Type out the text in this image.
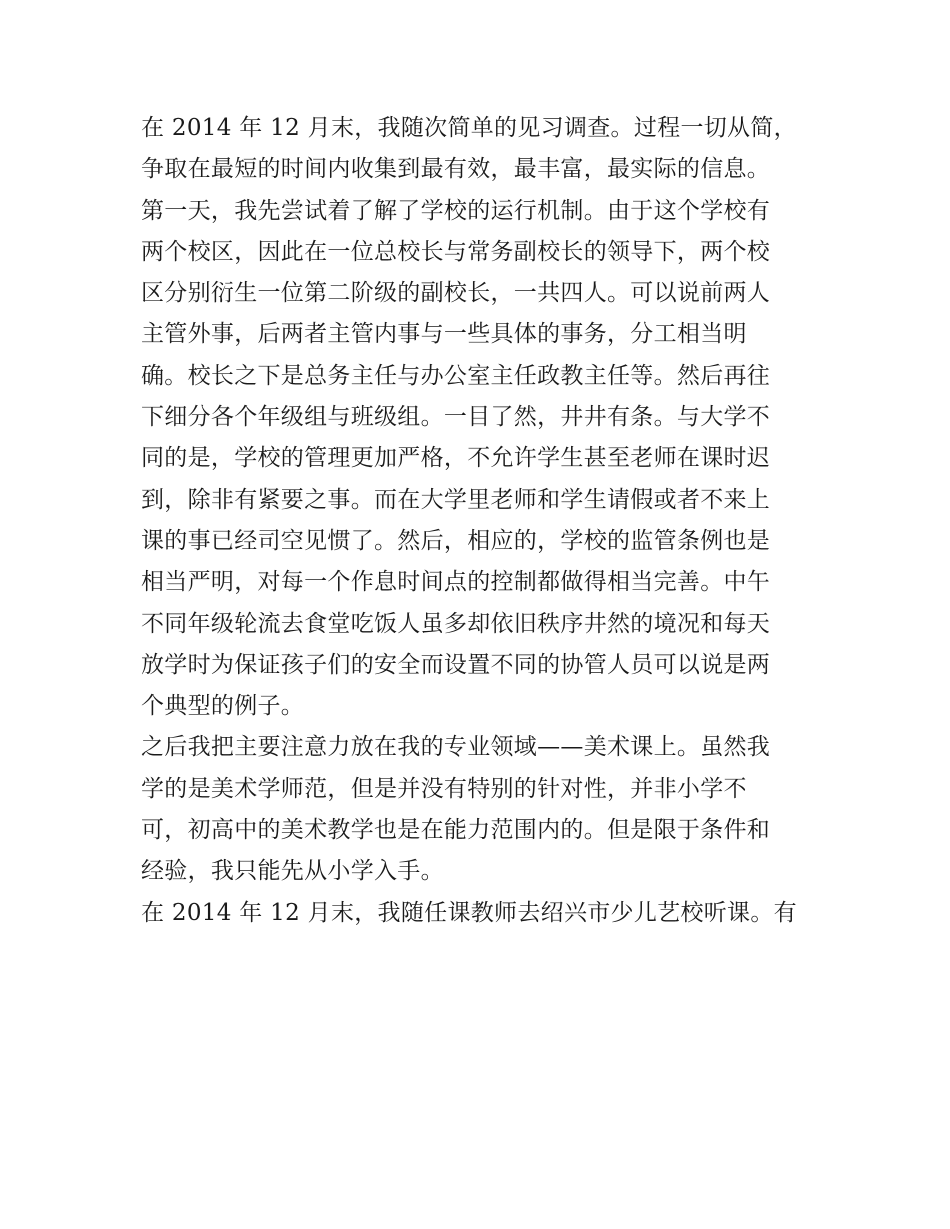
在 2014 年 12 月末，我随次简单的见习调查。过程一切从简，
争取在最短的时间内收集到最有效，最丰富，最实际的信息。
第一天，我先尝试着了解了学校的运行机制。由于这个学校有
两个校区，因此在一位总校长与常务副校长的领导下，两个校
区分别衍生一位第二阶级的副校长，一共四人。可以说前两人
主管外事，后两者主管内事与一些具体的事务，分工相当明
确。校长之下是总务主任与办公室主任政教主任等。然后再往
下细分各个年级组与班级组。一目了然，井井有条。与大学不
同的是，学校的管理更加严格，不允许学生甚至老师在课时迟
到，除非有紧要之事。而在大学里老师和学生请假或者不来上
课的事已经司空见惯了。然后，相应的，学校的监管条例也是
相当严明，对每一个作息时间点的控制都做得相当完善。中午
不同年级轮流去食堂吃饭人虽多却依旧秩序井然的境况和每天
放学时为保证孩子们的安全而设置不同的协管人员可以说是两
个典型的例子。
之后我把主要注意力放在我的专业领域——美术课上。虽然我
学的是美术学师范，但是并没有特别的针对性，并非小学不
可，初高中的美术教学也是在能力范围内的。但是限于条件和
经验，我只能先从小学入手。
在 2014 年 12 月末，我随任课教师去绍兴市少儿艺校听课。有
